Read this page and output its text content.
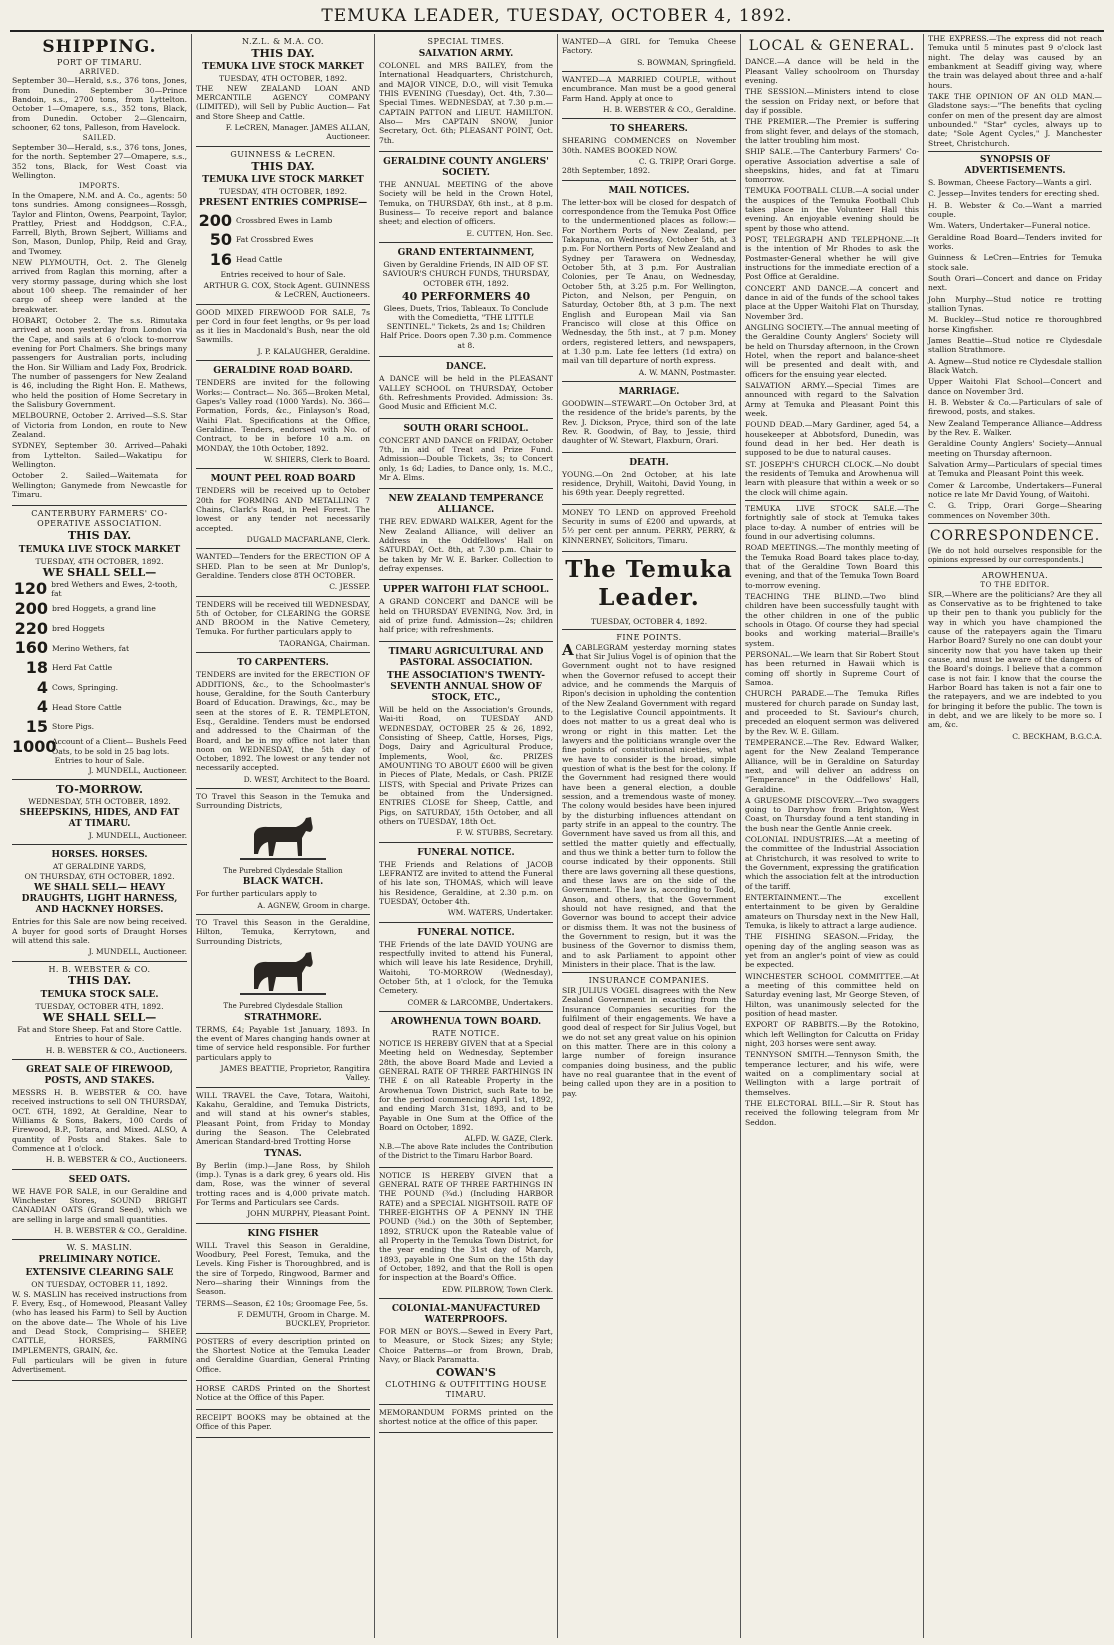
TEMUKA LEADER, TUESDAY, OCTOBER 4, 1892.
SHIPPING.
PORT OF TIMARU.
ARRIVED.

September 30—Herald, s.s., 376 tons, Jones, from Dunedin. September 30—Prince Bandoin, s.s., 2700 tons, from Lyttelton. October 1—Omapere, s.s., 352 tons, Black, from Dunedin. October 2—Glencairn, schooner, 62 tons, Palleson, from Havelock.

SAILED.

September 30—Herald, s.s., 376 tons, Jones, for the north. September 27—Omapere, s.s., 352 tons, Black, for West Coast via Wellington.

IMPORTS.

In the Omapere, N.M. and A. Co., agents: 50 tons sundries. Among consignees—Rossgh, Taylor and Flinton, Owens, Pearpoint, Taylor, Prattley, Priest and Hoddgson, C.F.A., Farrell, Blyth, Brown Sejbert, Williams and Son, Mason, Dunlop, Philp, Reid and Gray, and Twomey.

NEW PLYMOUTH, Oct. 2. The Glenelg arrived from Raglan this morning, after a very stormy passage, during which she lost about 100 sheep. The remainder of her cargo of sheep were landed at the breakwater.

HOBART, October 2. The s.s. Rimutaka arrived at noon yesterday from London via the Cape, and sails at 6 o'clock to-morrow evening for Port Chalmers. She brings many passengers for Australian ports, including the Hon. Sir William and Lady Fox, Brodrick. The number of passengers for New Zealand is 46, including the Right Hon. E. Mathews, who held the position of Home Secretary in the Salisbury Government.

MELBOURNE, October 2. Arrived—S.S. Star of Victoria from London, en route to New Zealand.

SYDNEY, September 30. Arrived—Pahaki from Lyttelton. Sailed—Wakatipu for Wellington.

October 2. Sailed—Waitemata for Wellington; Ganymede from Newcastle for Timaru.

CANTERBURY FARMERS' CO-OPERATIVE ASSOCIATION.
THIS DAY.
TEMUKA LIVE STOCK MARKET
TUESDAY, 4TH OCTOBER, 1892.
WE SHALL SELL—
120 bred Wethers and Ewes, 2-tooth, fat
200 bred Hoggets, a grand line
220 bred Hoggets
160 Merino Wethers, fat
18 Herd Fat Cattle
4 Cows, Springing.
4 Head Store Cattle
15 Store Pigs.
1000
Account of a Client— Bushels Feed Oats, to be sold in 25 bag lots.
Entries to hour of Sale.
J. MUNDELL, Auctioneer.
TO-MORROW.
WEDNESDAY, 5TH OCTOBER, 1892.
SHEEPSKINS, HIDES, AND FAT AT TIMARU.
J. MUNDELL, Auctioneer.
HORSES. HORSES.
AT GERALDINE YARDS,
ON THURSDAY, 6TH OCTOBER, 1892.
WE SHALL SELL— HEAVY DRAUGHTS, LIGHT HARNESS, AND HACKNEY HORSES.

Entries for this Sale are now being received. A buyer for good sorts of Draught Horses will attend this sale.

J. MUNDELL, Auctioneer.
H. B. WEBSTER & CO.
THIS DAY.
TEMUKA STOCK SALE.
TUESDAY, OCTOBER 4TH, 1892.
WE SHALL SELL—

Fat and Store Sheep. Fat and Store Cattle. Entries to hour of Sale.

H. B. WEBSTER & CO., Auctioneers.
GREAT SALE OF FIREWOOD, POSTS, AND STAKES.

MESSRS H. B. WEBSTER & CO. have received instructions to sell ON THURSDAY, OCT. 6TH, 1892, At Geraldine, Near to Williams & Sons, Bakers, 100 Cords of Firewood, B.P., Totara, and Mixed. ALSO, A quantity of Posts and Stakes. Sale to Commence at 1 o'clock.

H. B. WEBSTER & CO., Auctioneers.
SEED OATS.

WE HAVE FOR SALE, in our Geraldine and Winchester Stores, SOUND BRIGHT CANADIAN OATS (Grand Seed), which we are selling in large and small quantities.

H. B. WEBSTER & CO., Geraldine.
W. S. MASLIN.
PRELIMINARY NOTICE.
EXTENSIVE CLEARING SALE
ON TUESDAY, OCTOBER 11, 1892.

W. S. MASLIN has received instructions from F. Every, Esq., of Homewood, Pleasant Valley (who has leased his Farm) to Sell by Auction on the above date— The Whole of his Live and Dead Stock, Comprising— SHEEP, CATTLE, HORSES, FARMING IMPLEMENTS, GRAIN, &c.

Full particulars will be given in future Advertisement.

N.Z.L. & M.A. CO.
THIS DAY.
TEMUKA LIVE STOCK MARKET
TUESDAY, 4TH OCTOBER, 1892.

THE NEW ZEALAND LOAN AND MERCANTILE AGENCY COMPANY (LIMITED), will Sell by Public Auction— Fat and Store Sheep and Cattle.

F. LeCREN, Manager. JAMES ALLAN, Auctioneer.
GUINNESS & LeCREN.
THIS DAY.
TEMUKA LIVE STOCK MARKET
TUESDAY, 4TH OCTOBER, 1892.
PRESENT ENTRIES COMPRISE—
200 Crossbred Ewes in Lamb
50 Fat Crossbred Ewes
16 Head Cattle

Entries received to hour of Sale.

ARTHUR G. COX, Stock Agent. GUINNESS & LeCREN, Auctioneers.

GOOD MIXED FIREWOOD FOR SALE, 7s per Cord in four feet lengths, or 9s per load as it lies in Macdonald's Bush, near the old Sawmills.

J. P. KALAUGHER, Geraldine.
GERALDINE ROAD BOARD.

TENDERS are invited for the following Works:— Contract— No. 365—Broken Metal, Gapes's Valley road (1000 Yards). No. 366—Formation, Fords, &c., Finlayson's Road, Waihi Flat. Specifications at the Office, Geraldine. Tenders, endorsed with No. of Contract, to be in before 10 a.m. on MONDAY, the 10th October, 1892.

W. SHIERS, Clerk to Board.
MOUNT PEEL ROAD BOARD

TENDERS will be received up to October 20th for FORMING AND METALLING 7 Chains, Clark's Road, in Peel Forest. The lowest or any tender not necessarily accepted.

DUGALD MACFARLANE, Clerk.

WANTED—Tenders for the ERECTION OF A SHED. Plan to be seen at Mr Dunlop's, Geraldine. Tenders close 8TH OCTOBER.

C. JESSEP.

TENDERS will be received till WEDNESDAY, 5th of October, for CLEARING the GORSE AND BROOM in the Native Cemetery, Temuka. For further particulars apply to

TAORANGA, Chairman.
TO CARPENTERS.

TENDERS are invited for the ERECTION OF ADDITIONS, &c., to the Schoolmaster's house, Geraldine, for the South Canterbury Board of Education. Drawings, &c., may be seen at the stores of E. R. TEMPLETON, Esq., Geraldine. Tenders must be endorsed and addressed to the Chairman of the Board, and be in my office not later than noon on WEDNESDAY, the 5th day of October, 1892. The lowest or any tender not necessarily accepted.

D. WEST, Architect to the Board.

TO Travel this Season in the Temuka and Surrounding Districts,

The Purebred Clydesdale Stallion
BLACK WATCH.

For further particulars apply to

A. AGNEW, Groom in charge.

TO Travel this Season in the Geraldine, Hilton, Temuka, Kerrytown, and Surrounding Districts,

The Purebred Clydesdale Stallion
STRATHMORE.

TERMS, £4; Payable 1st January, 1893. In the event of Mares changing hands owner at time of service held responsible. For further particulars apply to

JAMES BEATTIE, Proprietor, Rangitira Valley.

WILL TRAVEL the Cave, Totara, Waitohi, Kakahu, Geraldine, and Temuka Districts, and will stand at his owner's stables, Pleasant Point, from Friday to Monday during the Season. The Celebrated American Standard-bred Trotting Horse

TYNAS.

By Berlin (imp.)—Jane Ross, by Shiloh (imp.). Tynas is a dark grey, 6 years old. His dam, Rose, was the winner of several trotting races and is 4,000 private match. For Terms and Particulars see Cards.

JOHN MURPHY, Pleasant Point.
KING FISHER

WILL Travel this Season in Geraldine, Woodbury, Peel Forest, Temuka, and the Levels. King Fisher is Thoroughbred, and is the sire of Torpedo, Ringwood, Barmer and Nero—sharing their Winnings from the Season.

TERMS—Season, £2 10s; Groomage Fee, 5s.

F. DEMUTH, Groom in Charge. M. BUCKLEY, Proprietor.

POSTERS of every description printed on the Shortest Notice at the Temuka Leader and Geraldine Guardian, General Printing Office.

HORSE CARDS Printed on the Shortest Notice at the Office of this Paper.

RECEIPT BOOKS may be obtained at the Office of this Paper.

SPECIAL TIMES.
SALVATION ARMY.

COLONEL and MRS BAILEY, from the International Headquarters, Christchurch, and MAJOR VINCE, D.O., will visit Temuka THIS EVENING (Tuesday), Oct. 4th, 7.30—Special Times. WEDNESDAY, at 7.30 p.m.—CAPTAIN PATTON and LIEUT. HAMILTON. Also— Mrs CAPTAIN SNOW, Junior Secretary, Oct. 6th; PLEASANT POINT, Oct. 7th.

GERALDINE COUNTY ANGLERS' SOCIETY.

THE ANNUAL MEETING of the above Society will be held in the Crown Hotel, Temuka, on THURSDAY, 6th inst., at 8 p.m. Business— To receive report and balance sheet; and election of officers.

E. CUTTEN, Hon. Sec.
GRAND ENTERTAINMENT,

Given by Geraldine Friends, IN AID OF ST. SAVIOUR'S CHURCH FUNDS, THURSDAY, OCTOBER 6TH, 1892.

40 PERFORMERS 40

Glees, Duets, Trios, Tableaux. To Conclude with the Comedietta, "THE LITTLE SENTINEL." Tickets, 2s and 1s; Children Half Price. Doors open 7.30 p.m. Commence at 8.

DANCE.

A DANCE will be held in the PLEASANT VALLEY SCHOOL on THURSDAY, October 6th. Refreshments Provided. Admission: 3s. Good Music and Efficient M.C.

SOUTH ORARI SCHOOL.

CONCERT AND DANCE on FRIDAY, October 7th, in aid of Treat and Prize Fund. Admission—Double Tickets, 3s; to Concert only, 1s 6d; Ladies, to Dance only, 1s. M.C., Mr A. Elms.

NEW ZEALAND TEMPERANCE ALLIANCE.

THE REV. EDWARD WALKER, Agent for the New Zealand Alliance, will deliver an Address in the Oddfellows' Hall on SATURDAY, Oct. 8th, at 7.30 p.m. Chair to be taken by Mr W. E. Barker. Collection to defray expenses.

UPPER WAITOHI FLAT SCHOOL.

A GRAND CONCERT and DANCE will be held on THURSDAY EVENING, Nov. 3rd, in aid of prize fund. Admission—2s; children half price; with refreshments.

TIMARU AGRICULTURAL AND PASTORAL ASSOCIATION.
THE ASSOCIATION'S TWENTY-SEVENTH ANNUAL SHOW OF STOCK, ETC.,

Will be held on the Association's Grounds, Wai-iti Road, on TUESDAY AND WEDNESDAY, OCTOBER 25 & 26, 1892, Consisting of Sheep, Cattle, Horses, Pigs, Dogs, Dairy and Agricultural Produce, Implements, Wool, &c. PRIZES AMOUNTING TO ABOUT £600 will be given in Pieces of Plate, Medals, or Cash. PRIZE LISTS, with Special and Private Prizes can be obtained from the Undersigned. ENTRIES CLOSE for Sheep, Cattle, and Pigs, on SATURDAY, 15th October, and all others on TUESDAY, 18th Oct.

F. W. STUBBS, Secretary.
FUNERAL NOTICE.

THE Friends and Relations of JACOB LEFRANTZ are invited to attend the Funeral of his late son, THOMAS, which will leave his Residence, Geraldine, at 2.30 p.m. on TUESDAY, October 4th.

WM. WATERS, Undertaker.
FUNERAL NOTICE.

THE Friends of the late DAVID YOUNG are respectfully invited to attend his Funeral, which will leave his late Residence, Dryhill, Waitohi, TO-MORROW (Wednesday), October 5th, at 1 o'clock, for the Temuka Cemetery.

COMER & LARCOMBE, Undertakers.
AROWHENUA TOWN BOARD.
RATE NOTICE.

NOTICE IS HEREBY GIVEN that at a Special Meeting held on Wednesday, September 28th, the above Board Made and Levied a GENERAL RATE OF THREE FARTHINGS IN THE £ on all Rateable Property in the Arowhenua Town District, such Rate to be for the period commencing April 1st, 1892, and ending March 31st, 1893, and to be Payable in One Sum at the Office of the Board on October, 1892.

ALFD. W. GAZE, Clerk.

N.B.—The above Rate includes the Contribution of the District to the Timaru Harbor Board.

NOTICE IS HEREBY GIVEN that a GENERAL RATE OF THREE FARTHINGS IN THE POUND (¾d.) (Including HARBOR RATE) and a SPECIAL NIGHTSOIL RATE OF THREE-EIGHTHS OF A PENNY IN THE POUND (⅜d.) on the 30th of September, 1892, STRUCK upon the Rateable value of all Property in the Temuka Town District, for the year ending the 31st day of March, 1893, payable in One Sum on the 15th day of October, 1892, and that the Roll is open for inspection at the Board's Office.

EDW. PILBROW, Town Clerk.
COLONIAL-MANUFACTURED WATERPROOFS.

FOR MEN or BOYS.—Sewed in Every Part, to Measure, or Stock Sizes; any Style; Choice Patterns—or from Brown, Drab, Navy, or Black Paramatta.

COWAN'S
CLOTHING & OUTFITTING HOUSE TIMARU.

MEMORANDUM FORMS printed on the shortest notice at the office of this paper.

WANTED—A GIRL for Temuka Cheese Factory.

S. BOWMAN, Springfield.

WANTED—A MARRIED COUPLE, without encumbrance. Man must be a good general Farm Hand. Apply at once to

H. B. WEBSTER & CO., Geraldine.
TO SHEARERS.

SHEARING COMMENCES on November 30th. NAMES BOOKED NOW.

C. G. TRIPP, Orari Gorge.
28th September, 1892.
MAIL NOTICES.

The letter-box will be closed for despatch of correspondence from the Temuka Post Office to the undermentioned places as follow:— For Northern Ports of New Zealand, per Takapuna, on Wednesday, October 5th, at 3 p.m. For Northern Ports of New Zealand and Sydney per Tarawera on Wednesday, October 5th, at 3 p.m. For Australian Colonies, per Te Anau, on Wednesday, October 5th, at 3.25 p.m. For Wellington, Picton, and Nelson, per Penguin, on Saturday, October 8th, at 3 p.m. The next English and European Mail via San Francisco will close at this Office on Wednesday, the 5th inst., at 7 p.m. Money orders, registered letters, and newspapers, at 1.30 p.m. Late fee letters (1d extra) on mail van till departure of north express.

A. W. MANN, Postmaster.
MARRIAGE.

GOODWIN—STEWART.—On October 3rd, at the residence of the bride's parents, by the Rev. J. Dickson, Pryce, third son of the late Rev. R. Goodwin, of Bay, to Jessie, third daughter of W. Stewart, Flaxburn, Orari.

DEATH.

YOUNG.—On 2nd October, at his late residence, Dryhill, Waitohi, David Young, in his 69th year. Deeply regretted.

MONEY TO LEND on approved Freehold Security in sums of £200 and upwards, at 5½ per cent per annum. PERRY, PERRY, & KINNERNEY, Solicitors, Timaru.

The Temuka Leader.
TUESDAY, OCTOBER 4, 1892.
FINE POINTS.

ACABLEGRAM yesterday morning states that Sir Julius Vogel is of opinion that the Government ought not to have resigned when the Governor refused to accept their advice, and he commends the Marquis of Ripon's decision in upholding the contention of the New Zealand Government with regard to the Legislative Council appointments. It does not matter to us a great deal who is wrong or right in this matter. Let the lawyers and the politicians wrangle over the fine points of constitutional niceties, what we have to consider is the broad, simple question of what is the best for the colony. If the Government had resigned there would have been a general election, a double session, and a tremendous waste of money. The colony would besides have been injured by the disturbing influences attendant on party strife in an appeal to the country. The Government have saved us from all this, and settled the matter quietly and effectually, and thus we think a better turn to follow the course indicated by their opponents. Still there are laws governing all these questions, and these laws are on the side of the Government. The law is, according to Todd, Anson, and others, that the Government should not have resigned, and that the Governor was bound to accept their advice or dismiss them. It was not the business of the Government to resign, but it was the business of the Governor to dismiss them, and to ask Parliament to appoint other Ministers in their place. That is the law.

INSURANCE COMPANIES.

SIR JULIUS VOGEL disagrees with the New Zealand Government in exacting from the Insurance Companies securities for the fulfilment of their engagements. We have a good deal of respect for Sir Julius Vogel, but we do not set any great value on his opinion on this matter. There are in this colony a large number of foreign insurance companies doing business, and the public have no real guarantee that in the event of being called upon they are in a position to pay.

LOCAL & GENERAL.

DANCE.—A dance will be held in the Pleasant Valley schoolroom on Thursday evening.

THE SESSION.—Ministers intend to close the session on Friday next, or before that day if possible.

THE PREMIER.—The Premier is suffering from slight fever, and delays of the stomach, the latter troubling him most.

SHIP SALE.—The Canterbury Farmers' Co-operative Association advertise a sale of sheepskins, hides, and fat at Timaru tomorrow.

TEMUKA FOOTBALL CLUB.—A social under the auspices of the Temuka Football Club takes place in the Volunteer Hall this evening. An enjoyable evening should be spent by those who attend.

POST, TELEGRAPH AND TELEPHONE.—It is the intention of Mr Rhodes to ask the Postmaster-General whether he will give instructions for the immediate erection of a Post Office at Geraldine.

CONCERT AND DANCE.—A concert and dance in aid of the funds of the school takes place at the Upper Waitohi Flat on Thursday, November 3rd.

ANGLING SOCIETY.—The annual meeting of the Geraldine County Anglers' Society will be held on Thursday afternoon, in the Crown Hotel, when the report and balance-sheet will be presented and dealt with, and officers for the ensuing year elected.

SALVATION ARMY.—Special Times are announced with regard to the Salvation Army at Temuka and Pleasant Point this week.

FOUND DEAD.—Mary Gardiner, aged 54, a housekeeper at Abbotsford, Dunedin, was found dead in her bed. Her death is supposed to be due to natural causes.

ST. JOSEPH'S CHURCH CLOCK.—No doubt the residents of Temuka and Arowhenua will learn with pleasure that within a week or so the clock will chime again.

TEMUKA LIVE STOCK SALE.—The fortnightly sale of stock at Temuka takes place to-day. A number of entries will be found in our advertising columns.

ROAD MEETINGS.—The monthly meeting of the Temuka Road Board takes place to-day, that of the Geraldine Town Board this evening, and that of the Temuka Town Board to-morrow evening.

TEACHING THE BLIND.—Two blind children have been successfully taught with the other children in one of the public schools in Otago. Of course they had special books and working material—Braille's system.

PERSONAL.—We learn that Sir Robert Stout has been returned in Hawaii which is coming off shortly in Supreme Court of Samoa.

CHURCH PARADE.—The Temuka Rifles mustered for church parade on Sunday last, and proceeded to St. Saviour's church, preceded an eloquent sermon was delivered by the Rev. W. E. Gillam.

TEMPERANCE.—The Rev. Edward Walker, agent for the New Zealand Temperance Alliance, will be in Geraldine on Saturday next, and will deliver an address on "Temperance" in the Oddfellows' Hall, Geraldine.

A GRUESOME DISCOVERY.—Two swaggers going to Darryhow from Brighton, West Coast, on Thursday found a tent standing in the bush near the Gentle Annie creek.

COLONIAL INDUSTRIES.—At a meeting of the committee of the Industrial Association at Christchurch, it was resolved to write to the Government, expressing the gratification which the association felt at the introduction of the tariff.

ENTERTAINMENT.—The excellent entertainment to be given by Geraldine amateurs on Thursday next in the New Hall, Temuka, is likely to attract a large audience.

THE FISHING SEASON.—Friday, the opening day of the angling season was as yet from an angler's point of view as could be expected.

WINCHESTER SCHOOL COMMITTEE.—At a meeting of this committee held on Saturday evening last, Mr George Steven, of Hilton, was unanimously selected for the position of head master.

EXPORT OF RABBITS.—By the Rotokino, which left Wellington for Calcutta on Friday night, 203 horses were sent away.

TENNYSON SMITH.—Tennyson Smith, the temperance lecturer, and his wife, were waited on a complimentary social at Wellington with a large portrait of themselves.

THE ELECTORAL BILL.—Sir R. Stout has received the following telegram from Mr Seddon.

THE EXPRESS.—The express did not reach Temuka until 5 minutes past 9 o'clock last night. The delay was caused by an embankment at Seadiff giving way, where the train was delayed about three and a-half hours.

TAKE THE OPINION OF AN OLD MAN.—Gladstone says:—"The benefits that cycling confer on men of the present day are almost unbounded." "Star" cycles, always up to date; "Sole Agent Cycles," J. Manchester Street, Christchurch.

SYNOPSIS OF ADVERTISEMENTS.

S. Bowman, Cheese Factory—Wants a girl.

C. Jessep—Invites tenders for erecting shed.

H. B. Webster & Co.—Want a married couple.

Wm. Waters, Undertaker—Funeral notice.

Geraldine Road Board—Tenders invited for works.

Guinness & LeCren—Entries for Temuka stock sale.

South Orari—Concert and dance on Friday next.

John Murphy—Stud notice re trotting stallion Tynas.

M. Buckley—Stud notice re thoroughbred horse Kingfisher.

James Beattie—Stud notice re Clydesdale stallion Strathmore.

A. Agnew—Stud notice re Clydesdale stallion Black Watch.

Upper Waitohi Flat School—Concert and dance on November 3rd.

H. B. Webster & Co.—Particulars of sale of firewood, posts, and stakes.

New Zealand Temperance Alliance—Address by the Rev. E. Walker.

Geraldine County Anglers' Society—Annual meeting on Thursday afternoon.

Salvation Army—Particulars of special times at Temuka and Pleasant Point this week.

Comer & Larcombe, Undertakers—Funeral notice re late Mr David Young, of Waitohi.

C. G. Tripp, Orari Gorge—Shearing commences on November 30th.

CORRESPONDENCE.

[We do not hold ourselves responsible for the opinions expressed by our correspondents.]

AROWHENUA.
TO THE EDITOR.

SIR,—Where are the politicians? Are they all as Conservative as to be frightened to take up their pen to thank you publicly for the way in which you have championed the cause of the ratepayers again the Timaru Harbor Board? Surely no one can doubt your sincerity now that you have taken up their cause, and must be aware of the dangers of the Board's doings. I believe that a common case is not fair. I know that the course the Harbor Board has taken is not a fair one to the ratepayers, and we are indebted to you for bringing it before the public. The town is in debt, and we are likely to be more so. I am, &c.

C. BECKHAM, B.G.C.A.
